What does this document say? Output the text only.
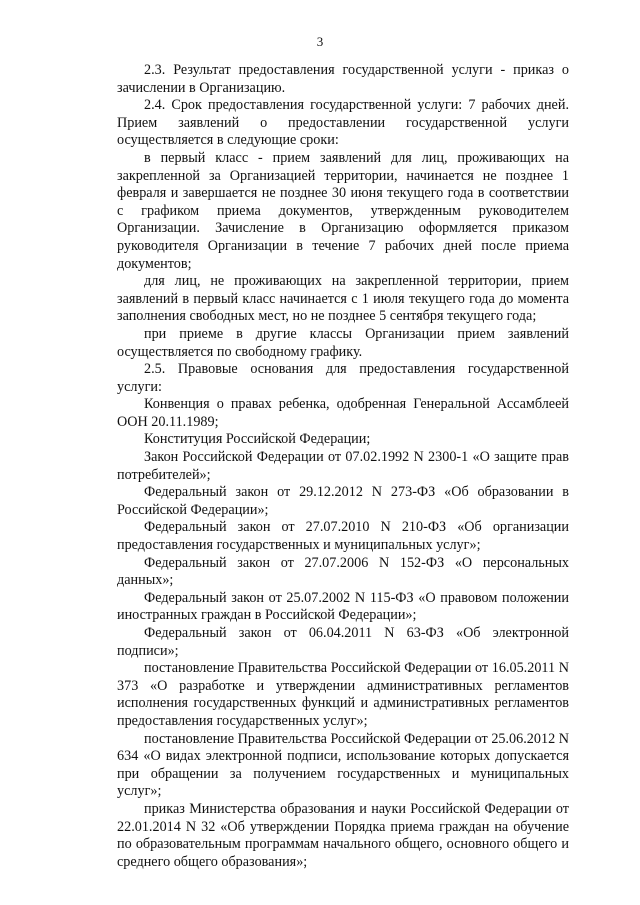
3

2.3. Результат предоставления государственной услуги - приказ о зачислении в Организацию.

2.4. Срок предоставления государственной услуги: 7 рабочих дней. Прием заявлений о предоставлении государственной услуги осуществляется в следующие сроки:

в первый класс - прием заявлений для лиц, проживающих на закрепленной за Организацией территории, начинается не позднее 1 февраля и завершается не позднее 30 июня текущего года в соответствии с графиком приема документов, утвержденным руководителем Организации. Зачисление в Организацию оформляется приказом руководителя Организации в течение 7 рабочих дней после приема документов;

для лиц, не проживающих на закрепленной территории, прием заявлений в первый класс начинается с 1 июля текущего года до момента заполнения свободных мест, но не позднее 5 сентября текущего года;

при приеме в другие классы Организации прием заявлений осуществляется по свободному графику.

2.5. Правовые основания для предоставления государственной услуги:

Конвенция о правах ребенка, одобренная Генеральной Ассамблеей ООН 20.11.1989;

Конституция Российской Федерации;

Закон Российской Федерации от 07.02.1992 N 2300-1 «О защите прав потребителей»;

Федеральный закон от 29.12.2012 N 273-ФЗ «Об образовании в Российской Федерации»;

Федеральный закон от 27.07.2010 N 210-ФЗ «Об организации предоставления государственных и муниципальных услуг»;

Федеральный закон от 27.07.2006 N 152-ФЗ «О персональных данных»;

Федеральный закон от 25.07.2002 N 115-ФЗ «О правовом положении иностранных граждан в Российской Федерации»;

Федеральный закон от 06.04.2011 N 63-ФЗ «Об электронной подписи»;

постановление Правительства Российской Федерации от 16.05.2011 N 373 «О разработке и утверждении административных регламентов исполнения государственных функций и административных регламентов предоставления государственных услуг»;

постановление Правительства Российской Федерации от 25.06.2012 N 634 «О видах электронной подписи, использование которых допускается при обращении за получением государственных и муниципальных услуг»;

приказ Министерства образования и науки Российской Федерации от 22.01.2014 N 32 «Об утверждении Порядка приема граждан на обучение по образовательным программам начального общего, основного общего и среднего общего образования»;
